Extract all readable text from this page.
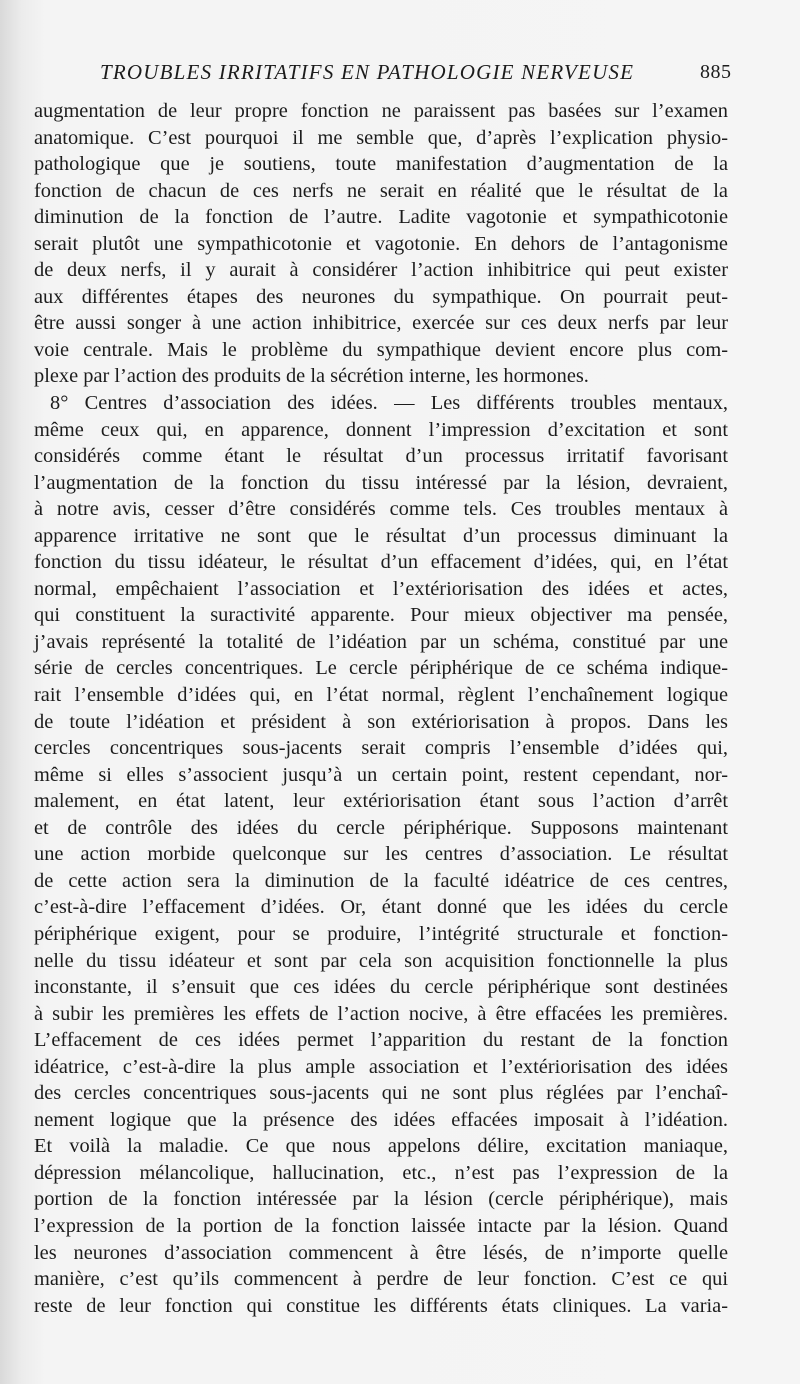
TROUBLES IRRITATIFS EN PATHOLOGIE NERVEUSE	885
augmentation de leur propre fonction ne paraissent pas basées sur l’examen
anatomique. C’est pourquoi il me semble que, d’après l’explication physio-
pathologique que je soutiens, toute manifestation d’augmentation de la
fonction de chacun de ces nerfs ne serait en réalité que le résultat de la
diminution de la fonction de l’autre. Ladite vagotonie et sympathicotonie
serait plutôt une sympathicotonie et vagotonie. En dehors de l’antagonisme
de deux nerfs, il y aurait à considérer l’action inhibitrice qui peut exister
aux différentes étapes des neurones du sympathique. On pourrait peut-
être aussi songer à une action inhibitrice, exercée sur ces deux nerfs par leur
voie centrale. Mais le problème du sympathique devient encore plus com-
plexe par l’action des produits de la sécrétion interne, les hormones.
8° Centres d’association des idées. — Les différents troubles mentaux,
même ceux qui, en apparence, donnent l’impression d’excitation et sont
considérés comme étant le résultat d’un processus irritatif favorisant
l’augmentation de la fonction du tissu intéressé par la lésion, devraient,
à notre avis, cesser d’être considérés comme tels. Ces troubles mentaux à
apparence irritative ne sont que le résultat d’un processus diminuant la
fonction du tissu idéateur, le résultat d’un effacement d’idées, qui, en l’état
normal, empêchaient l’association et l’extériorisation des idées et actes,
qui constituent la suractivité apparente. Pour mieux objectiver ma pensée,
j’avais représenté la totalité de l’idéation par un schéma, constitué par une
série de cercles concentriques. Le cercle périphérique de ce schéma indique-
rait l’ensemble d’idées qui, en l’état normal, règlent l’enchaînement logique
de toute l’idéation et président à son extériorisation à propos. Dans les
cercles concentriques sous-jacents serait compris l’ensemble d’idées qui,
même si elles s’associent jusqu’à un certain point, restent cependant, nor-
malement, en état latent, leur extériorisation étant sous l’action d’arrêt
et de contrôle des idées du cercle périphérique. Supposons maintenant
une action morbide quelconque sur les centres d’association. Le résultat
de cette action sera la diminution de la faculté idéatrice de ces centres,
c’est-à-dire l’effacement d’idées. Or, étant donné que les idées du cercle
périphérique exigent, pour se produire, l’intégrité structurale et fonction-
nelle du tissu idéateur et sont par cela son acquisition fonctionnelle la plus
inconstante, il s’ensuit que ces idées du cercle périphérique sont destinées
à subir les premières les effets de l’action nocive, à être effacées les premières.
L’effacement de ces idées permet l’apparition du restant de la fonction
idéatrice, c’est-à-dire la plus ample association et l’extériorisation des idées
des cercles concentriques sous-jacents qui ne sont plus réglées par l’enchaî-
nement logique que la présence des idées effacées imposait à l’idéation.
Et voilà la maladie. Ce que nous appelons délire, excitation maniaque,
dépression mélancolique, hallucination, etc., n’est pas l’expression de la
portion de la fonction intéressée par la lésion (cercle périphérique), mais
l’expression de la portion de la fonction laissée intacte par la lésion. Quand
les neurones d’association commencent à être lésés, de n’importe quelle
manière, c’est qu’ils commencent à perdre de leur fonction. C’est ce qui
reste de leur fonction qui constitue les différents états cliniques. La varia-
